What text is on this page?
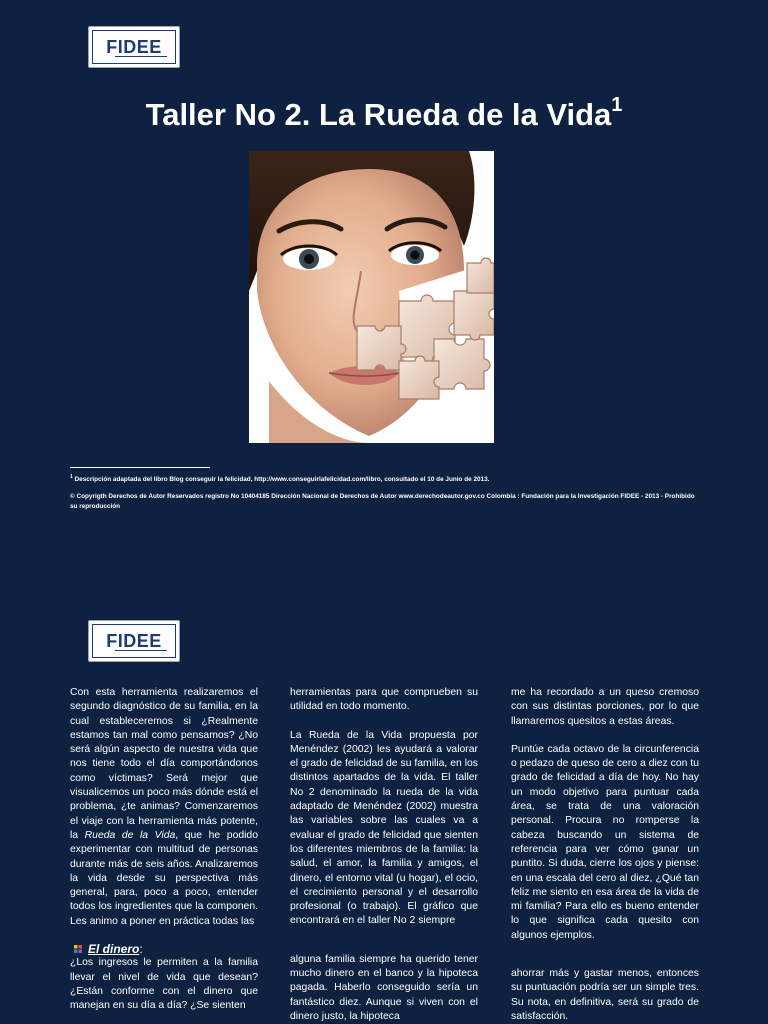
FIDEE
Taller No 2. La Rueda de la Vida$^1$
$^1$ Descripción adaptada del libro Blog conseguir la felicidad, http://www.conseguirlafelicidad.com/libro, consultado el 10 de Junio de 2013.
© Copyrigth Derechos de Autor Reservados registro No 10404185 Dirección Nacional de Derechos de Autor www.derechodeautor.gov.co Colombia : Fundación para la Investigación FIDEE - 2013 - Prohibido su reproducción
FIDEE

Con esta herramienta realizaremos el segundo diagnóstico de su familia, en la cual estableceremos si ¿Realmente estamos tan mal como pensamos? ¿No será algún aspecto de nuestra vida que nos tiene todo el día comportándonos como víctimas? Será mejor que visualicemos un poco más dónde está el problema, ¿te animas? Comenzaremos el viaje con la herramienta más potente, la Rueda de la Vida, que he podido experimentar con multitud de personas durante más de seis años. Analizaremos la vida desde su perspectiva más general, para, poco a poco, entender todos los ingredientes que la componen. Les animo a poner en práctica todas las

El dinero:

¿Los ingresos le permiten a la familia llevar el nivel de vida que desean? ¿Están conforme con el dinero que manejan en su día a día? ¿Se sienten

herramientas para que comprueben su utilidad en todo momento.

La Rueda de la Vida propuesta por Menéndez (2002) les ayudará a valorar el grado de felicidad de su familia, en los distintos apartados de la vida. El taller No 2 denominado la rueda de la vida adaptado de Menéndez (2002) muestra las variables sobre las cuales va a evaluar el grado de felicidad que sienten los diferentes miembros de la familia: la salud, el amor, la familia y amigos, el dinero, el entorno vital (u hogar), el ocio, el crecimiento personal y el desarrollo profesional (o trabajo). El gráfico que encontrará en el taller No 2 siempre

alguna familia siempre ha querido tener mucho dinero en el banco y la hipoteca pagada. Haberlo conseguido sería un fantástico diez. Aunque si viven con el dinero justo, la hipoteca

me ha recordado a un queso cremoso con sus distintas porciones, por lo que llamaremos quesitos a estas áreas.

Puntúe cada octavo de la circunferencia o pedazo de queso de cero a diez con tu grado de felicidad a día de hoy. No hay un modo objetivo para puntuar cada área, se trata de una valoración personal. Procura no romperse la cabeza buscando un sistema de referencia para ver cómo ganar un puntito. Si duda, cierre los ojos y piense: en una escala del cero al diez, ¿Qué tan feliz me siento en esa área de la vida de mi familia? Para ello es bueno entender lo que significa cada quesito con algunos ejemplos.

ahorrar más y gastar menos, entonces su puntuación podría ser un simple tres. Su nota, en definitiva, será su grado de satisfacción.
